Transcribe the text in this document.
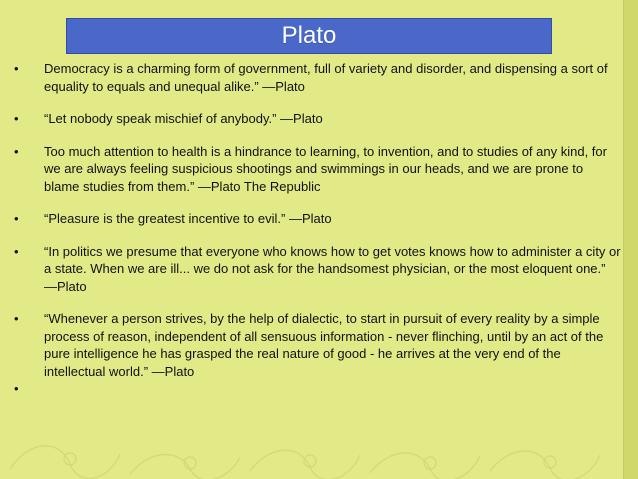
Plato
•	Democracy is a charming form of government, full of variety and disorder, and dispensing a sort of equality to equals and unequal alike.” —Plato
•	“Let nobody speak mischief of anybody.” —Plato
•	Too much attention to health is a hindrance to learning, to invention, and to studies of any kind, for we are always feeling suspicious shootings and swimmings in our heads, and we are prone to blame studies from them.” —Plato The Republic
•	“Pleasure is the greatest incentive to evil.” —Plato
•	“In politics we presume that everyone who knows how to get votes knows how to administer a city or a state. When we are ill... we do not ask for the handsomest physician, or the most eloquent one.” —Plato
•	“Whenever a person strives, by the help of dialectic, to start in pursuit of every reality by a simple process of reason, independent of all sensuous information - never flinching, until by an act of the pure intelligence he has grasped the real nature of good - he arrives at the very end of the intellectual world.” —Plato
•
